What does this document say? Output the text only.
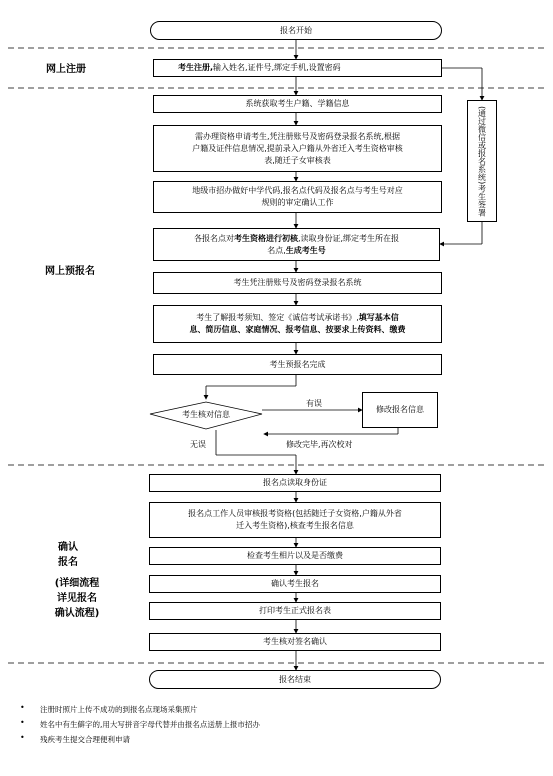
报名开始
网上注册
网上预报名
确认
报名
(详细流程
详见报名
确认流程)
考生注册, 输入姓名,证件号,绑定手机,设置密码
系统获取考生户籍、学籍信息
需办理资格申请考生,凭注册账号及密码登录报名系统,根据
户籍及证件信息情况,提前录入户籍从外省迁入考生资格审核
表,随迁子女审核表
地级市招办做好中学代码,报名点代码及报名点与考生号对应
规则的审定确认工作
各报名点对考生资格进行初核,读取身份证,绑定考生所在报
名点,生成考生号
考生凭注册账号及密码登录报名系统
考生了解报考须知、签定《诚信考试承诺书》,填写基本信
息、简历信息、家庭情况、报考信息、按要求上传资料、缴费
考生预报名完成
考生核对信息
修改报名信息
有误
无误	修改完毕,再次校对
(通过微信或报名系统)考生签署
报名点读取身份证
报名点工作人员审核报考资格(包括随迁子女资格,户籍从外省
迁入考生资格),核查考生报名信息
检查考生相片以及是否缴费
确认考生报名
打印考生正式报名表
考生核对签名确认
报名结束
• 注册时照片上传不成功的到报名点现场采集照片
• 姓名中有生僻字的,用大写拼音字母代替并由报名点送册上报市招办
• 残疾考生提交合理便利申请
